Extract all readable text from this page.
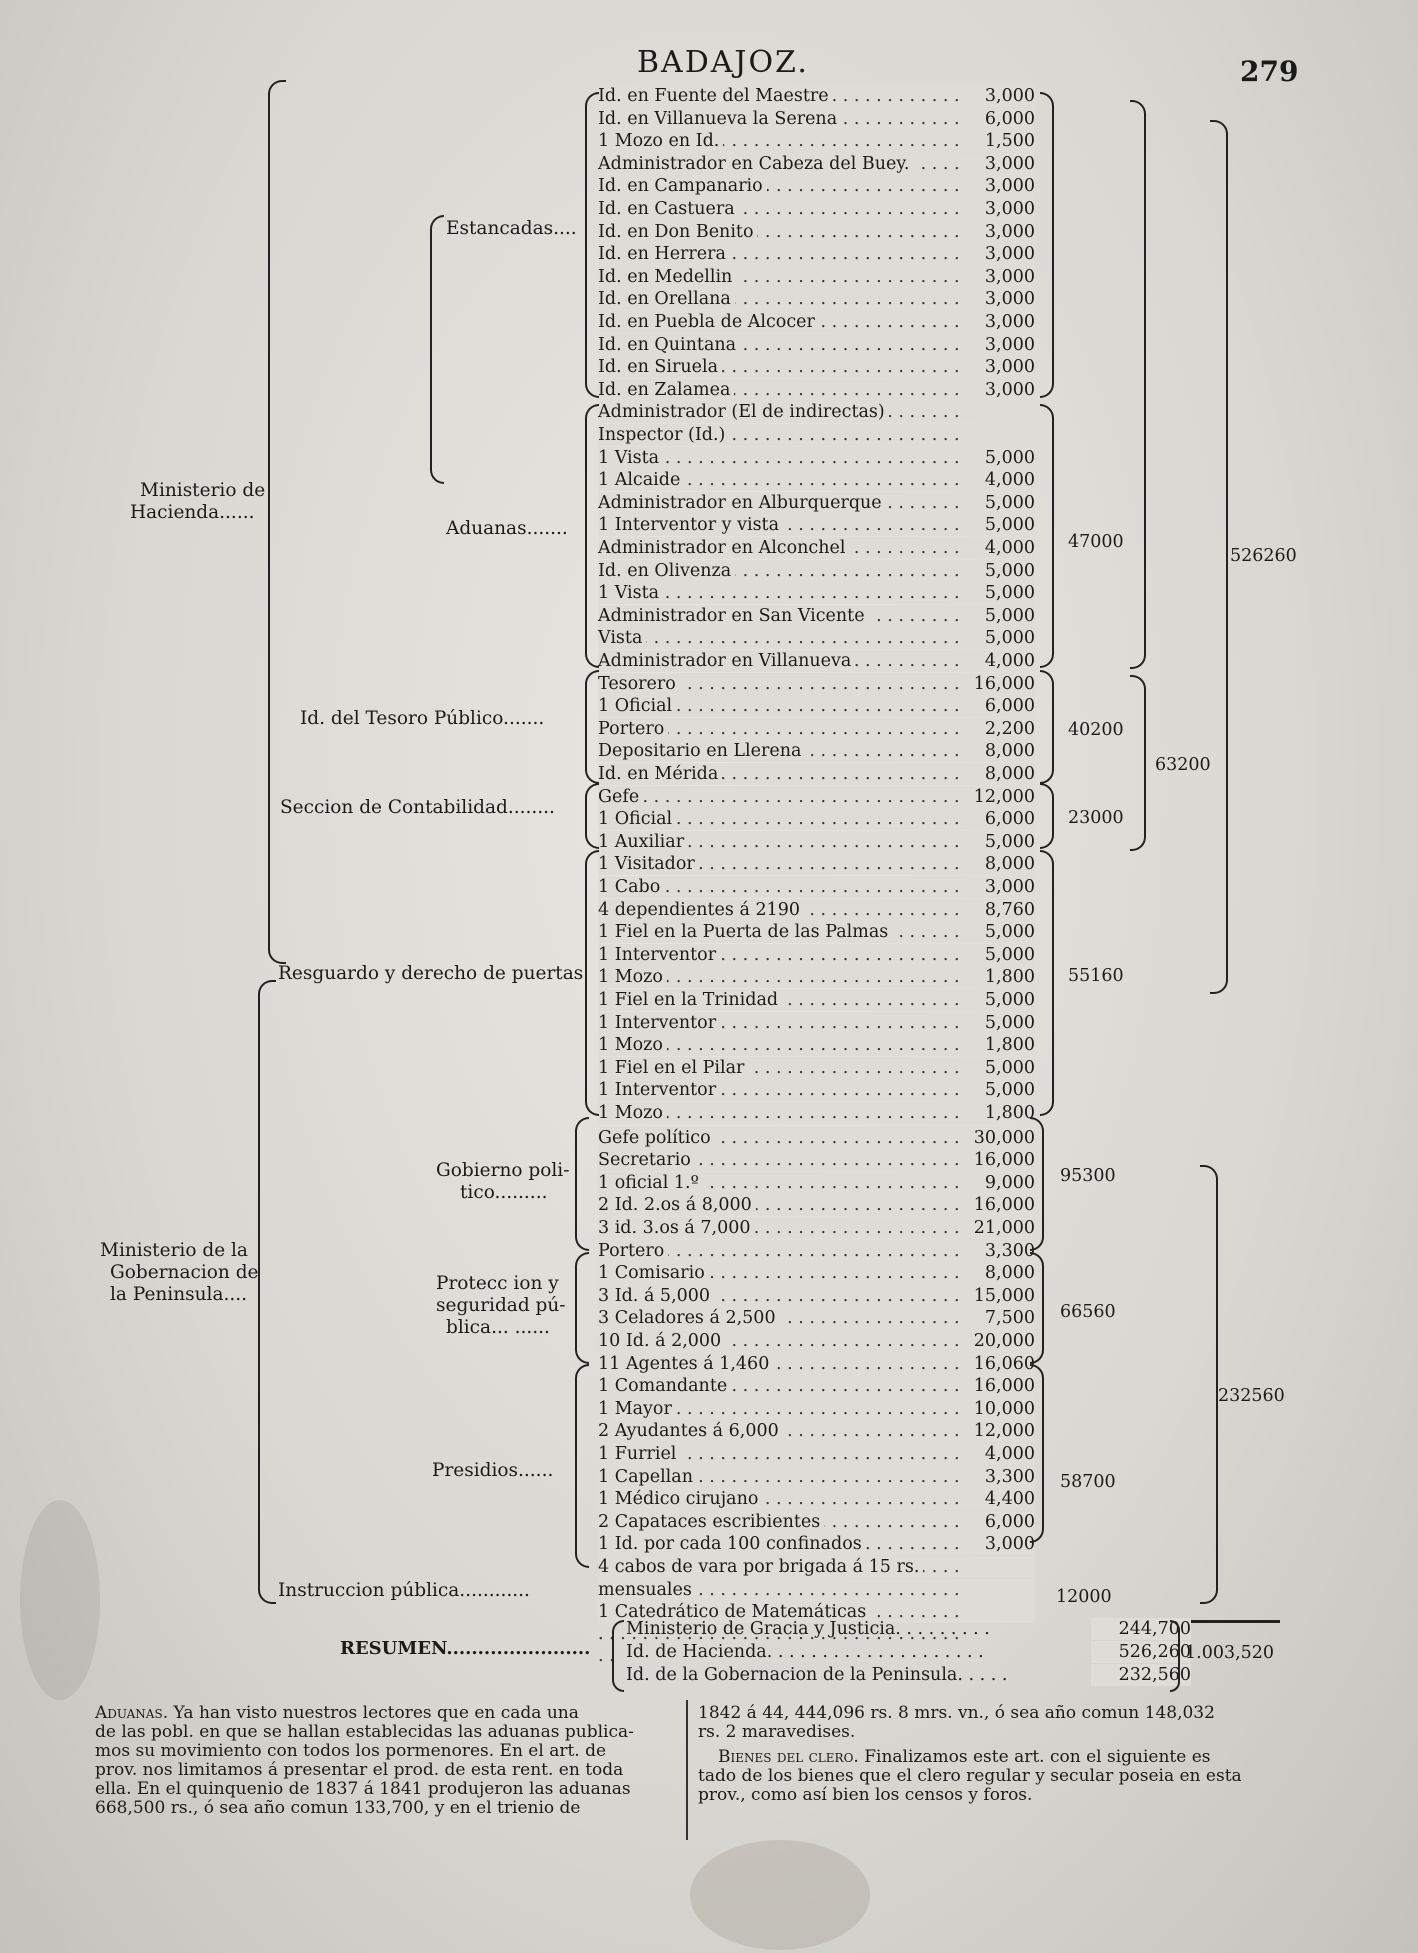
BADAJOZ.	279
. . .
Id. en Fuente del Maestre	3,000
. . .
Id. en Villanueva la Serena	6,000
. . .
1 Mozo en Id.	1,500
. . .
Administrador en Cabeza del Buey.	3,000
. . .
Id. en Campanario	3,000
. . .
Id. en Castuera	3,000
. . .
Id. en Don Benito	3,000
. . .
Id. en Herrera	3,000
. . .
Id. en Medellin	3,000
. . .
Id. en Orellana	3,000
. . .
Id. en Puebla de Alcocer	3,000
. . .
Id. en Quintana	3,000
. . .
Id. en Siruela	3,000
. . .
Id. en Zalamea	3,000
. . .
Administrador (El de indirectas)
. . .
Inspector (Id.)
. . .
1 Vista	5,000
. . .
1 Alcaide	4,000
. . .
Administrador en Alburquerque	5,000
. . .
1 Interventor y vista	5,000
. . .
Administrador en Alconchel	4,000
. . .
Id. en Olivenza	5,000
. . .
1 Vista	5,000
. . .
Administrador en San Vicente	5,000
. . .
Vista	5,000
. . .
Administrador en Villanueva	4,000
. . .
Tesorero	16,000
. . .
1 Oficial	6,000
. . .
Portero	2,200
. . .
Depositario en Llerena	8,000
. . .
Id. en Mérida	8,000
. . .
Gefe	12,000
. . .
1 Oficial	6,000
. . .
1 Auxiliar	5,000
. . .
1 Visitador	8,000
. . .
1 Cabo	3,000
. . .
4 dependientes á 2190	8,760
. . .
1 Fiel en la Puerta de las Palmas	5,000
. . .
1 Interventor	5,000
. . .
1 Mozo	1,800
. . .
1 Fiel en la Trinidad	5,000
. . .
1 Interventor	5,000
. . .
1 Mozo	1,800
. . .
1 Fiel en el Pilar	5,000
. . .
1 Interventor	5,000
. . .
1 Mozo	1,800
. . .
Gefe político	30,000
. . .
Secretario	16,000
. . .
1 oficial 1.º	9,000
. . .
2 Id. 2.os á 8,000	16,000
. . .
3 id. 3.os á 7,000	21,000
. . .
Portero	3,300
. . .
1 Comisario	8,000
. . .
3 Id. á 5,000	15,000
. . .
3 Celadores á 2,500	7,500
. . .
10 Id. á 2,000	20,000
. . .
11 Agentes á 1,460	16,060
. . .
1 Comandante	16,000
. . .
1 Mayor	10,000
. . .
2 Ayudantes á 6,000	12,000
. . .
1 Furriel	4,000
. . .
1 Capellan	3,300
. . .
1 Médico cirujano	4,400
. . .
2 Capataces escribientes	6,000
. . .
1 Id. por cada 100 confinados	3,000
. . .
4 cabos de vara por brigada á 15 rs.
. . .
mensuales
. . .
1 Catedrático de Matemáticas
Estancadas....
Aduanas.......
Id. del Tesoro Público.......
Seccion de Contabilidad........
Resguardo y derecho de puertas
Gobierno poli-
tico.........
Protecc ion y
seguridad pú-
blica... ......
Presidios......
Instruccion pública............
Ministerio de
Hacienda......
Ministerio de la
Gobernacion de
la Peninsula....
47000
526260
40200
63200
23000
55160
95300
66560
58700
232560
12000
RESUMEN.......................
Ministerio de Gracia y Justicia. . . . . . . . .	244,700
Id. de Hacienda. . . . . . . . . . . . . . . . . . . .	526,260
Id. de la Gobernacion de la Peninsula. . . . .	232,560
1.003,520
Aduanas. Ya han visto nuestros lectores que en cada una
de las pobl. en que se hallan establecidas las aduanas publica-
mos su movimiento con todos los pormenores. En el art. de
prov. nos limitamos á presentar el prod. de esta rent. en toda
ella. En el quinquenio de 1837 á 1841 produjeron las aduanas
668,500 rs., ó sea año comun 133,700, y en el trienio de
1842 á 44, 444,096 rs. 8 mrs. vn., ó sea año comun 148,032
rs. 2 maravedises.
Bienes del clero. Finalizamos este art. con el siguiente es
tado de los bienes que el clero regular y secular poseia en esta
prov., como así bien los censos y foros.
